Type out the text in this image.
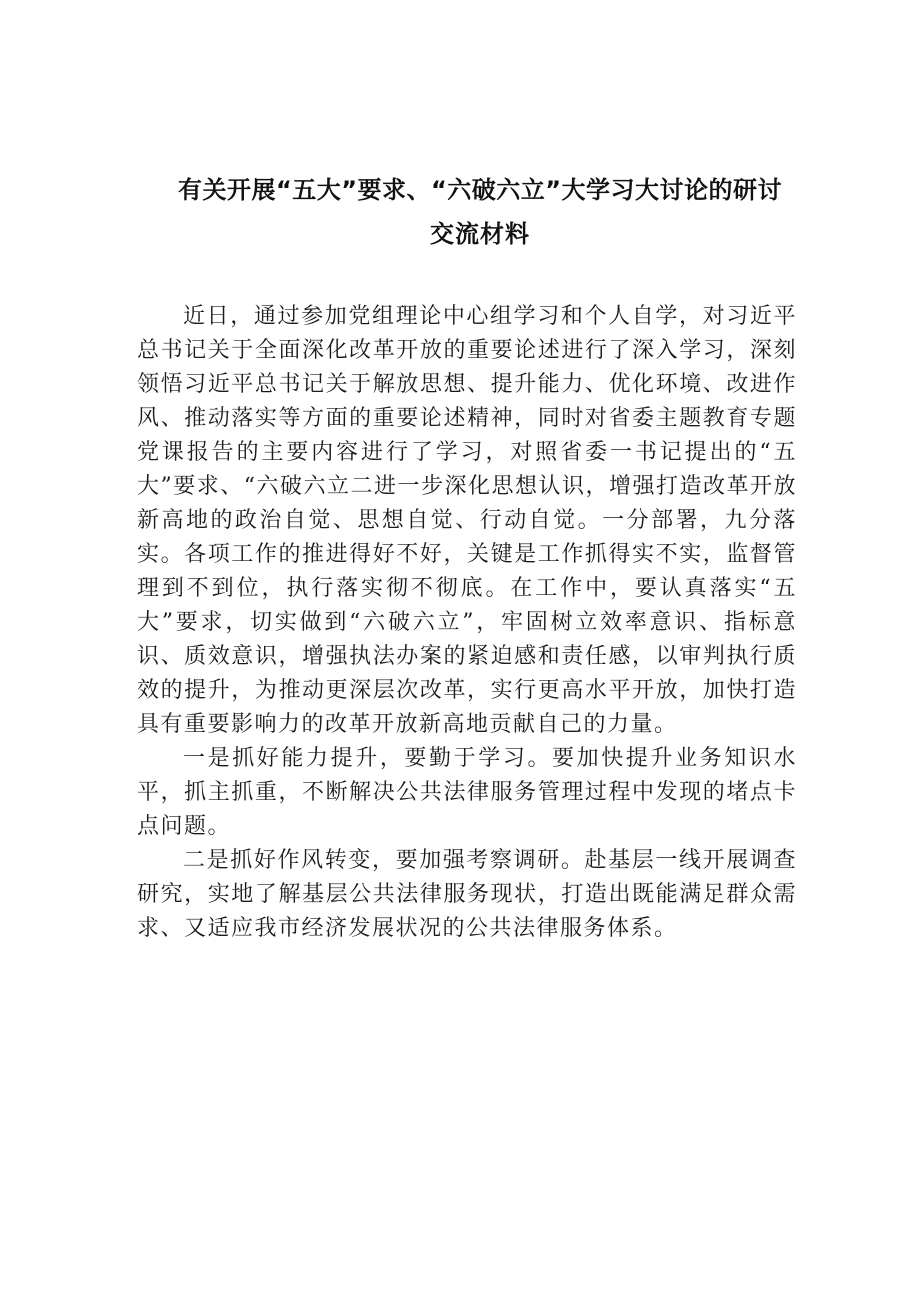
有关开展“五大”要求、“六破六立”大学习大讨论的研讨
交流材料

近日，通过参加党组理论中心组学习和个人自学，对习近平总书记关于全面深化改革开放的重要论述进行了深入学习，深刻领悟习近平总书记关于解放思想、提升能力、优化环境、改进作风、推动落实等方面的重要论述精神，同时对省委主题教育专题党课报告的主要内容进行了学习，对照省委一书记提出的“五大”要求、“六破六立二进一步深化思想认识，增强打造改革开放新高地的政治自觉、思想自觉、行动自觉。一分部署，九分落实。各项工作的推进得好不好，关键是工作抓得实不实，监督管理到不到位，执行落实彻不彻底。在工作中，要认真落实“五大”要求，切实做到“六破六立”，牢固树立效率意识、指标意识、质效意识，增强执法办案的紧迫感和责任感，以审判执行质效的提升，为推动更深层次改革，实行更高水平开放，加快打造具有重要影响力的改革开放新高地贡献自己的力量。

一是抓好能力提升，要勤于学习。要加快提升业务知识水平，抓主抓重，不断解决公共法律服务管理过程中发现的堵点卡点问题。

二是抓好作风转变，要加强考察调研。赴基层一线开展调查研究，实地了解基层公共法律服务现状，打造出既能满足群众需求、又适应我市经济发展状况的公共法律服务体系。
